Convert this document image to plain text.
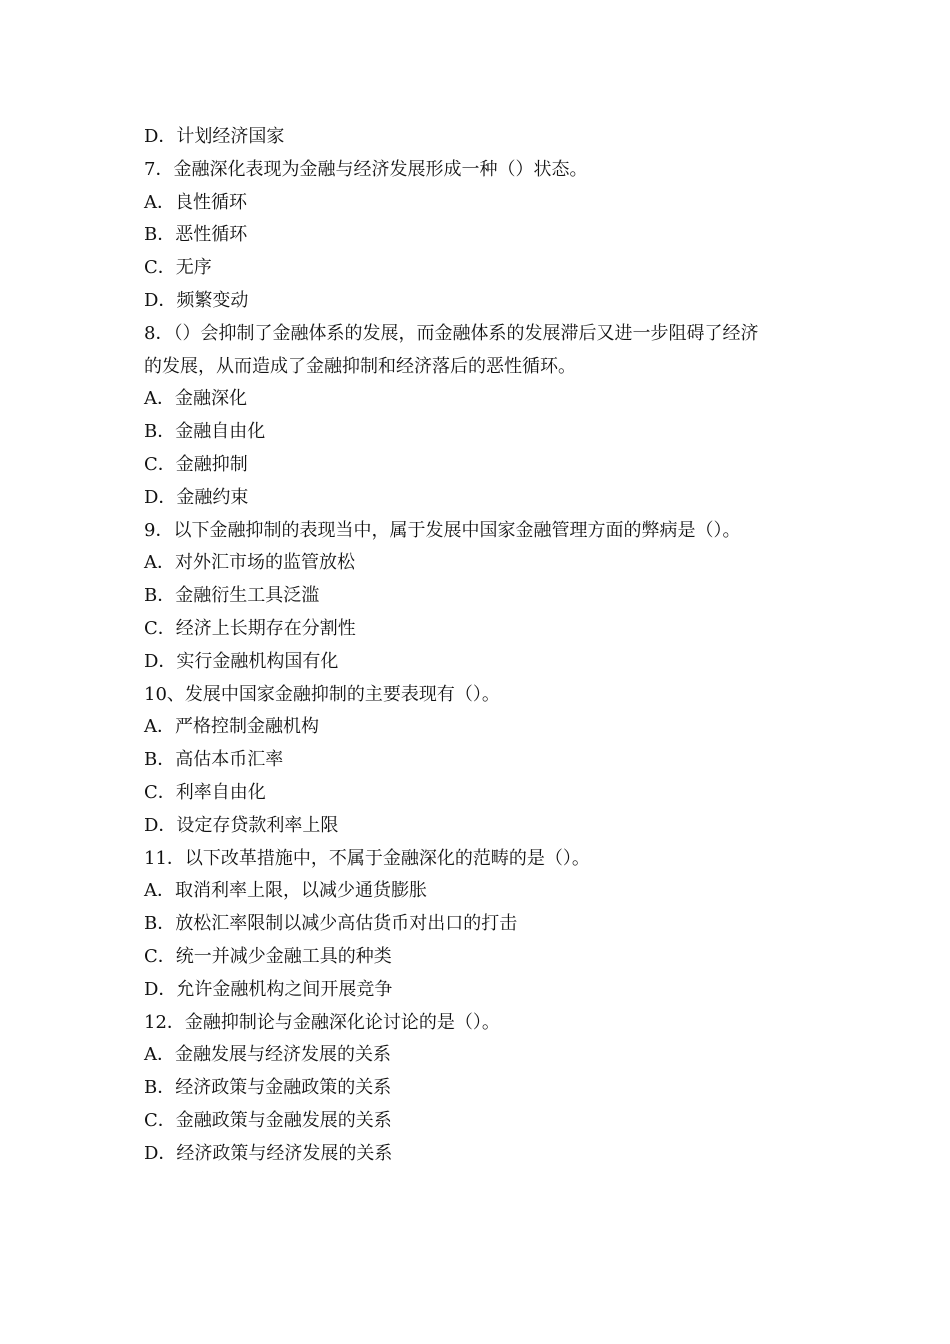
D．计划经济国家
7．金融深化表现为金融与经济发展形成一种（）状态。
A．良性循环
B．恶性循环
C．无序
D．频繁变动
8．（）会抑制了金融体系的发展，而金融体系的发展滞后又进一步阻碍了经济
的发展，从而造成了金融抑制和经济落后的恶性循环。
A．金融深化
B．金融自由化
C．金融抑制
D．金融约束
9．以下金融抑制的表现当中，属于发展中国家金融管理方面的弊病是（）。
A．对外汇市场的监管放松
B．金融衍生工具泛滥
C．经济上长期存在分割性
D．实行金融机构国有化
10、发展中国家金融抑制的主要表现有（）。
A．严格控制金融机构
B．高估本币汇率
C．利率自由化
D．设定存贷款利率上限
11．以下改革措施中，不属于金融深化的范畴的是（）。
A．取消利率上限，以减少通货膨胀
B．放松汇率限制以减少高估货币对出口的打击
C．统一并减少金融工具的种类
D．允许金融机构之间开展竞争
12．金融抑制论与金融深化论讨论的是（）。
A．金融发展与经济发展的关系
B．经济政策与金融政策的关系
C．金融政策与金融发展的关系
D．经济政策与经济发展的关系
